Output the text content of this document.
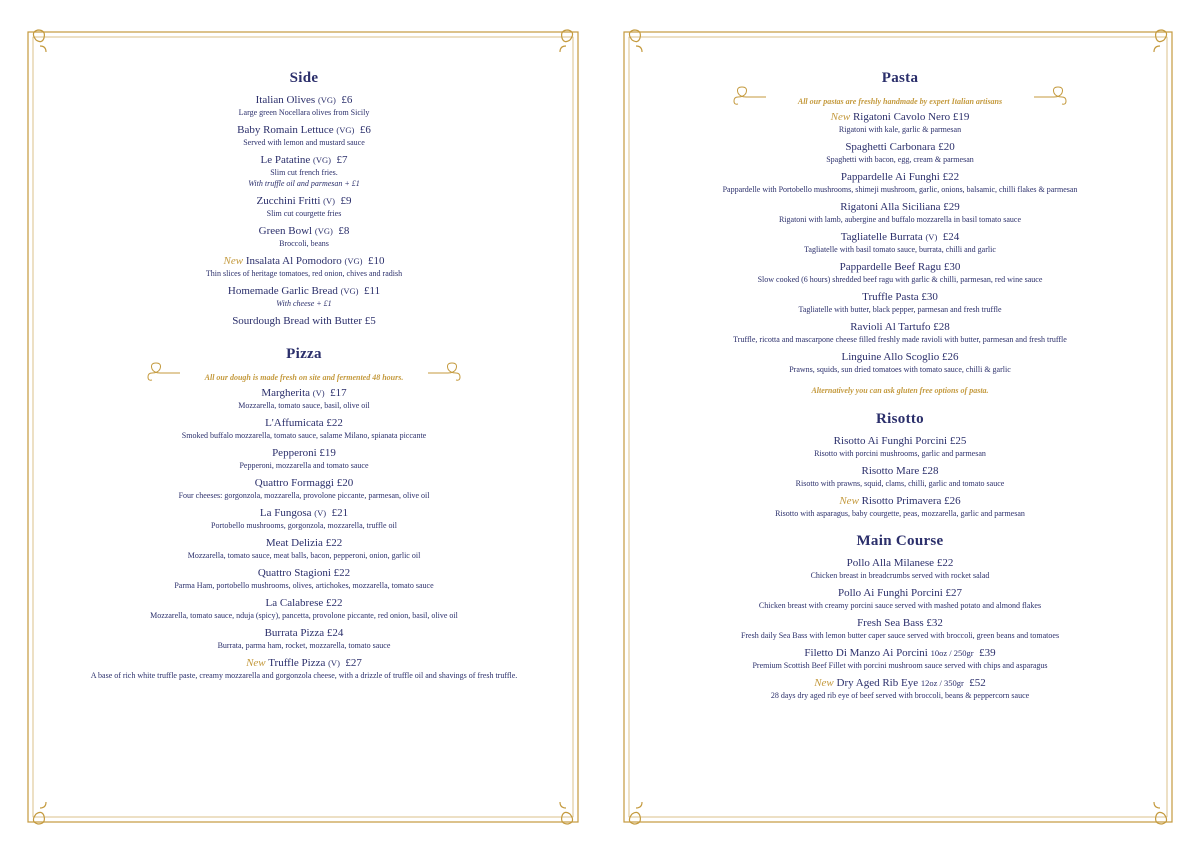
Side
Italian Olives (VG) £6
Large green Nocellara olives from Sicily
Baby Romain Lettuce (VG) £6
Served with lemon and mustard sauce
Le Patatine (VG) £7
Slim cut french fries.
With truffle oil and parmesan + £1
Zucchini Fritti (V) £9
Slim cut courgette fries
Green Bowl (VG) £8
Broccoli, beans
New Insalata Al Pomodoro (VG) £10
Thin slices of heritage tomatoes, red onion, chives and radish
Homemade Garlic Bread (VG) £11
With cheese + £1
Sourdough Bread with Butter £5
Pizza
All our dough is made fresh on site and fermented 48 hours.
Margherita (V) £17
Mozzarella, tomato sauce, basil, olive oil
L'Affumicata £22
Smoked buffalo mozzarella, tomato sauce, salame Milano, spianata piccante
Pepperoni £19
Pepperoni, mozzarella and tomato sauce
Quattro Formaggi £20
Four cheeses: gorgonzola, mozzarella, provolone piccante, parmesan, olive oil
La Fungosa (V) £21
Portobello mushrooms, gorgonzola, mozzarella, truffle oil
Meat Delizia £22
Mozzarella, tomato sauce, meat balls, bacon, pepperoni, onion, garlic oil
Quattro Stagioni £22
Parma Ham, portobello mushrooms, olives, artichokes, mozzarella, tomato sauce
La Calabrese £22
Mozzarella, tomato sauce, nduja (spicy), pancetta, provolone piccante, red onion, basil, olive oil
Burrata Pizza £24
Burrata, parma ham, rocket, mozzarella, tomato sauce
New Truffle Pizza (V) £27
A base of rich white truffle paste, creamy mozzarella and gorgonzola cheese, with a drizzle of truffle oil and shavings of fresh truffle.
Pasta
All our pastas are freshly handmade by expert Italian artisans
New Rigatoni Cavolo Nero £19
Rigatoni with kale, garlic & parmesan
Spaghetti Carbonara £20
Spaghetti with bacon, egg, cream & parmesan
Pappardelle Ai Funghi £22
Pappardelle with Portobello mushrooms, shimeji mushroom, garlic, onions, balsamic, chilli flakes & parmesan
Rigatoni Alla Siciliana £29
Rigatoni with lamb, aubergine and buffalo mozzarella in basil tomato sauce
Tagliatelle Burrata (V) £24
Tagliatelle with basil tomato sauce, burrata, chilli and garlic
Pappardelle Beef Ragu £30
Slow cooked (6 hours) shredded beef ragu with garlic & chilli, parmesan, red wine sauce
Truffle Pasta £30
Tagliatelle with butter, black pepper, parmesan and fresh truffle
Ravioli Al Tartufo £28
Truffle, ricotta and mascarpone cheese filled freshly made ravioli with butter, parmesan and fresh truffle
Linguine Allo Scoglio £26
Prawns, squids, sun dried tomatoes with tomato sauce, chilli & garlic
Alternatively you can ask gluten free options of pasta.
Risotto
Risotto Ai Funghi Porcini £25
Risotto with porcini mushrooms, garlic and parmesan
Risotto Mare £28
Risotto with prawns, squid, clams, chilli, garlic and tomato sauce
New Risotto Primavera £26
Risotto with asparagus, baby courgette, peas, mozzarella, garlic and parmesan
Main Course
Pollo Alla Milanese £22
Chicken breast in breadcrumbs served with rocket salad
Pollo Ai Funghi Porcini £27
Chicken breast with creamy porcini sauce served with mashed potato and almond flakes
Fresh Sea Bass £32
Fresh daily Sea Bass with lemon butter caper sauce served with broccoli, green beans and tomatoes
Filetto Di Manzo Ai Porcini 10oz / 250gr £39
Premium Scottish Beef Fillet with porcini mushroom sauce served with chips and asparagus
New Dry Aged Rib Eye 12oz / 350gr £52
28 days dry aged rib eye of beef served with broccoli, beans & peppercorn sauce
